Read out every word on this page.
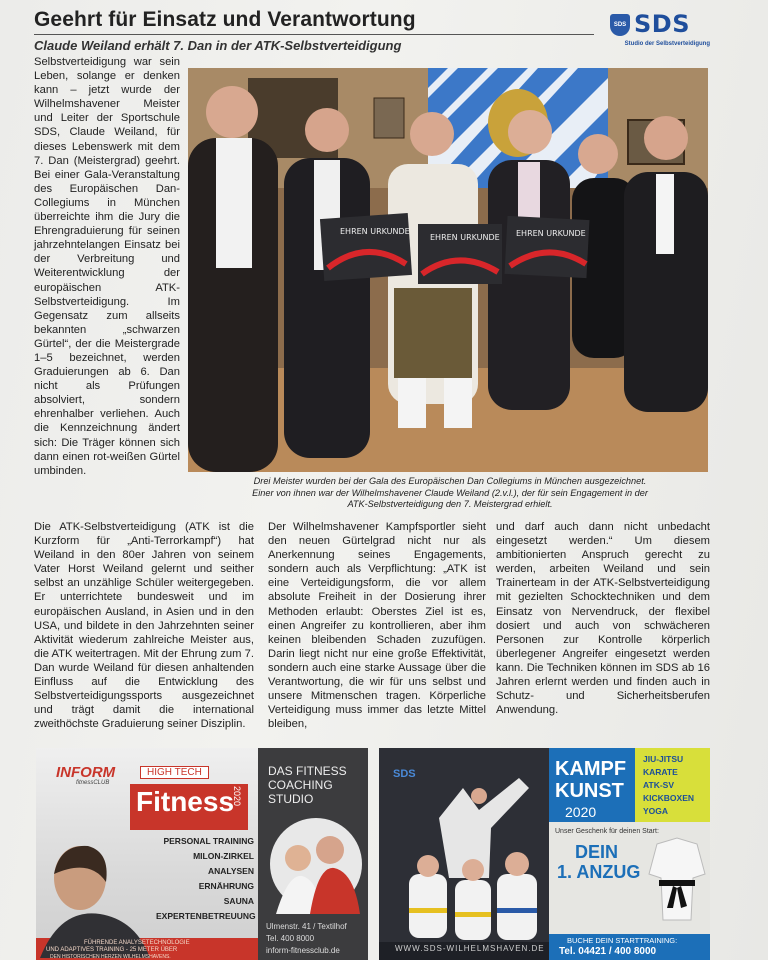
Geehrt für Einsatz und Verantwortung
Claude Weiland erhält 7. Dan in der ATK-Selbstverteidigung
SDS SDS
Studio der Selbstverteidigung
Selbstverteidigung war sein Leben, solange er denken kann – jetzt wurde der Wilhelmshavener Meister und Leiter der Sportschule SDS, Claude Weiland, für dieses Lebenswerk mit dem 7. Dan (Meistergrad) geehrt. Bei einer Gala-Veranstaltung des Europäischen Dan-Collegiums in München überreichte ihm die Jury die Ehrengraduierung für seinen jahrzehntelangen Einsatz bei der Verbreitung und Weiterentwicklung der europäischen ATK-Selbstverteidigung. Im Gegensatz zum allseits bekannten „schwarzen Gürtel“, der die Meistergrade 1–5 bezeichnet, werden Graduierungen ab 6. Dan nicht als Prüfungen absolviert, sondern ehrenhalber verliehen. Auch die Kennzeichnung ändert sich: Die Träger können sich dann einen rot-weißen Gürtel umbinden.
EHREN URKUNDE
EHREN URKUNDE EHREN URKUNDE
Drei Meister wurden bei der Gala des Europäischen Dan Collegiums in München ausgezeichnet.
Einer von ihnen war der Wilhelmshavener Claude Weiland (2.v.l.), der für sein Engagement in der
ATK-Selbstverteidigung den 7. Meistergrad erhielt.
Die ATK-Selbstverteidigung (ATK ist die Kurzform für „Anti-Terrorkampf“) hat Weiland in den 80er Jahren von seinem Vater Horst Weiland gelernt und seither selbst an unzählige Schüler weitergegeben. Er unterrichtete bundesweit und im europäischen Ausland, in Asien und in den USA, und bildete in den Jahrzehnten seiner Aktivität wiederum zahlreiche Meister aus, die ATK weitertragen. Mit der Ehrung zum 7. Dan wurde Weiland für diesen anhaltenden Einfluss auf die Entwicklung des Selbstverteidigungssports ausgezeichnet und trägt damit die international zweithöchste Graduierung seiner Disziplin.
Der Wilhelmshavener Kampfsportler sieht den neuen Gürtelgrad nicht nur als Anerkennung seines Engagements, sondern auch als Verpflichtung: „ATK ist eine Verteidigungsform, die vor allem absolute Freiheit in der Dosierung ihrer Methoden erlaubt: Oberstes Ziel ist es, einen Angreifer zu kontrollieren, aber ihm keinen bleibenden Schaden zuzufügen. Darin liegt nicht nur eine große Effektivität, sondern auch eine starke Aussage über die Verantwortung, die wir für uns selbst und unsere Mitmenschen tragen. Körperliche Verteidigung muss immer das letzte Mittel bleiben,
und darf auch dann nicht unbedacht eingesetzt werden.“ Um diesem ambitionierten Anspruch gerecht zu werden, arbeiten Weiland und sein Trainerteam in der ATK-Selbstverteidigung mit gezielten Schocktechniken und dem Einsatz von Nervendruck, der flexibel dosiert und auch von schwächeren Personen zur Kontrolle körperlich überlegener Angreifer eingesetzt werden kann. Die Techniken können im SDS ab 16 Jahren erlernt werden und finden auch in Schutz- und Sicherheitsberufen Anwendung.
INFORM
fitnessCLUB
HIGH TECH
Fitness
2020
PERSONAL TRAINING
MILON-ZIRKEL
ANALYSEN
ERNÄHRUNG
SAUNA
EXPERTENBETREUUNG
FÜHRENDE ANALYSETECHNOLOGIE
UND ADAPTIVES TRAINING - 25 METER ÜBER
DEN HISTORISCHEN HERZEN WILHELMSHAVENS.
DAS FITNESS
COACHING
STUDIO
Ulmenstr. 41 / Textilhof
Tel. 400 8000
inform-fitnessclub.de
SDS
WWW.SDS-WILHELMSHAVEN.DE
KAMPF
KUNST
2020
JIU-JITSU
KARATE
ATK-SV
KICKBOXEN
YOGA
Unser Geschenk für deinen Start:
DEIN
1. ANZUG
BUCHE DEIN STARTTRAINING:
Tel. 04421 / 400 8000
